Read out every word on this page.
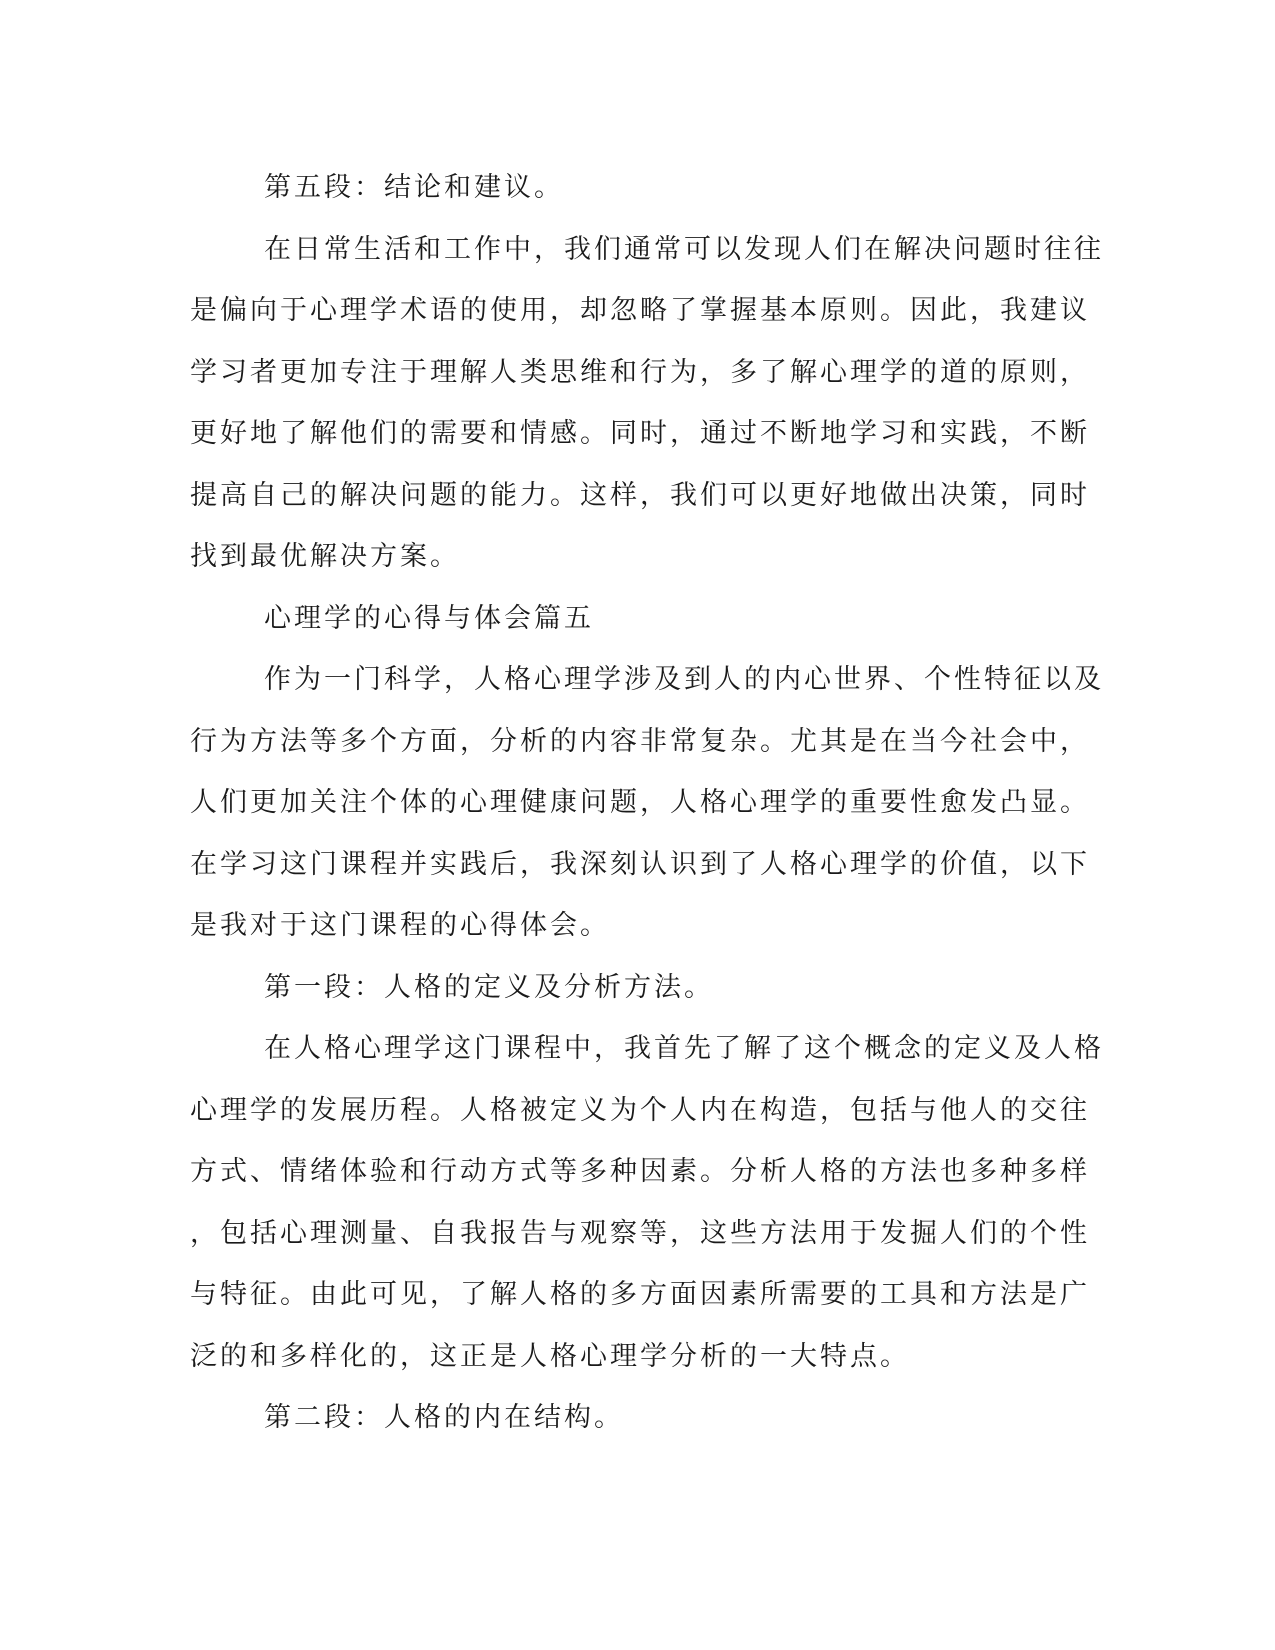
第五段：结论和建议。
在日常生活和工作中，我们通常可以发现人们在解决问题时往往
是偏向于心理学术语的使用，却忽略了掌握基本原则。因此，我建议
学习者更加专注于理解人类思维和行为，多了解心理学的道的原则，
更好地了解他们的需要和情感。同时，通过不断地学习和实践，不断
提高自己的解决问题的能力。这样，我们可以更好地做出决策，同时
找到最优解决方案。
心理学的心得与体会篇五
作为一门科学，人格心理学涉及到人的内心世界、个性特征以及
行为方法等多个方面，分析的内容非常复杂。尤其是在当今社会中，
人们更加关注个体的心理健康问题，人格心理学的重要性愈发凸显。
在学习这门课程并实践后，我深刻认识到了人格心理学的价值，以下
是我对于这门课程的心得体会。
第一段：人格的定义及分析方法。
在人格心理学这门课程中，我首先了解了这个概念的定义及人格
心理学的发展历程。人格被定义为个人内在构造，包括与他人的交往
方式、情绪体验和行动方式等多种因素。分析人格的方法也多种多样
，包括心理测量、自我报告与观察等，这些方法用于发掘人们的个性
与特征。由此可见，了解人格的多方面因素所需要的工具和方法是广
泛的和多样化的，这正是人格心理学分析的一大特点。
第二段：人格的内在结构。
